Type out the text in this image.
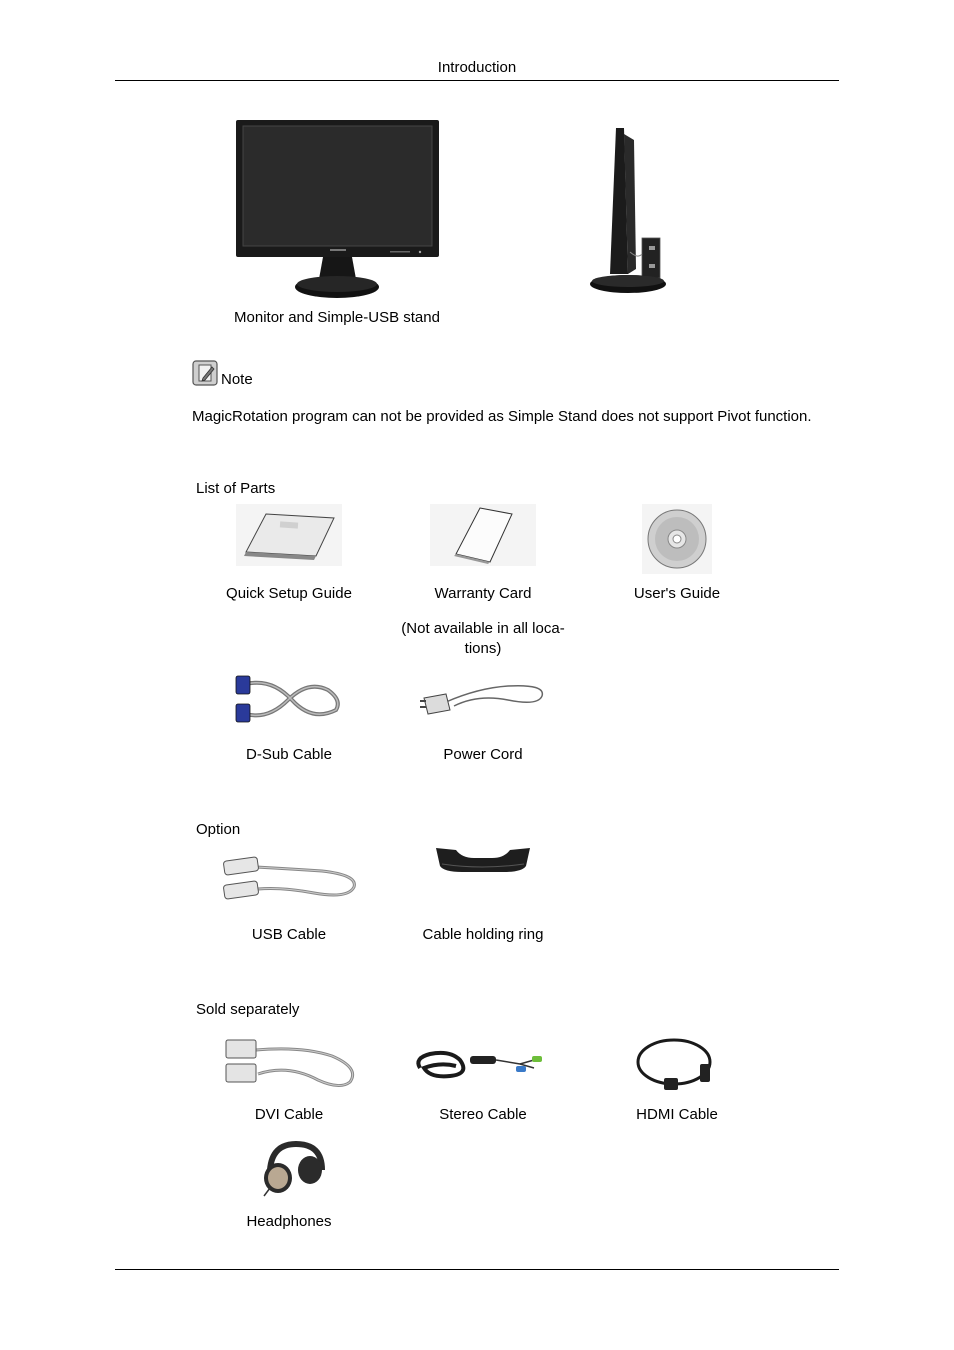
Introduction
Monitor and Simple-USB stand
Note
MagicRotation program can not be provided as Simple Stand does not support Pivot function.
List of Parts
Quick Setup Guide	Warranty Card	User's Guide
(Not available in all loca-
tions)
D-Sub Cable	Power Cord
Option
USB Cable	Cable holding ring
Sold separately
DVI Cable	Stereo Cable	HDMI Cable
Headphones
